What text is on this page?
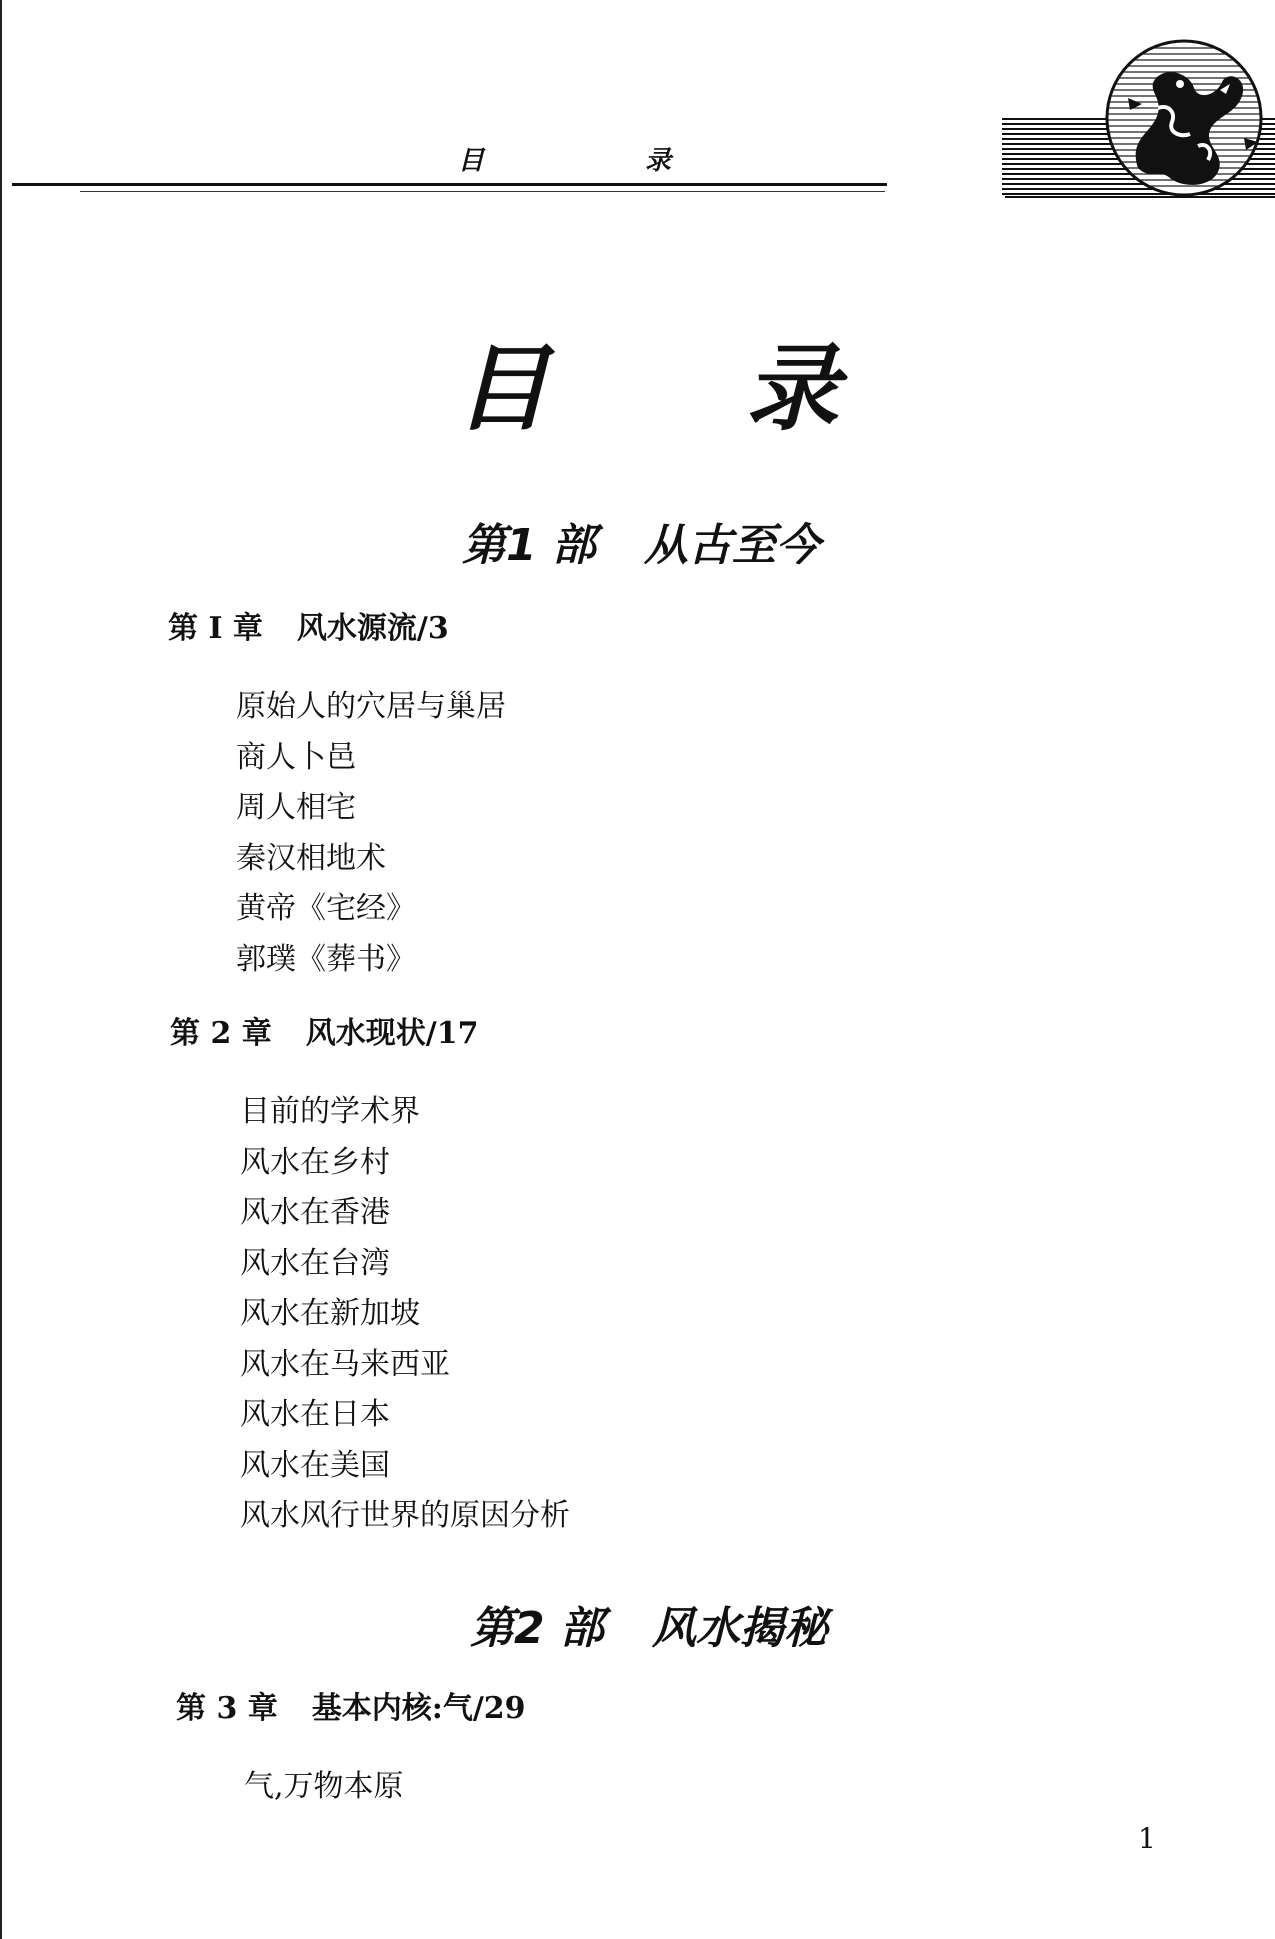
目	录
目 录
第1 部 从古至今
第 I 章 风水源流/3
原始人的穴居与巢居
商人卜邑
周人相宅
秦汉相地术
黄帝《宅经》
郭璞《葬书》
第 2 章 风水现状/17
目前的学术界
风水在乡村
风水在香港
风水在台湾
风水在新加坡
风水在马来西亚
风水在日本
风水在美国
风水风行世界的原因分析
第2 部 风水揭秘
第 3 章 基本内核:气/29
气,万物本原
1
